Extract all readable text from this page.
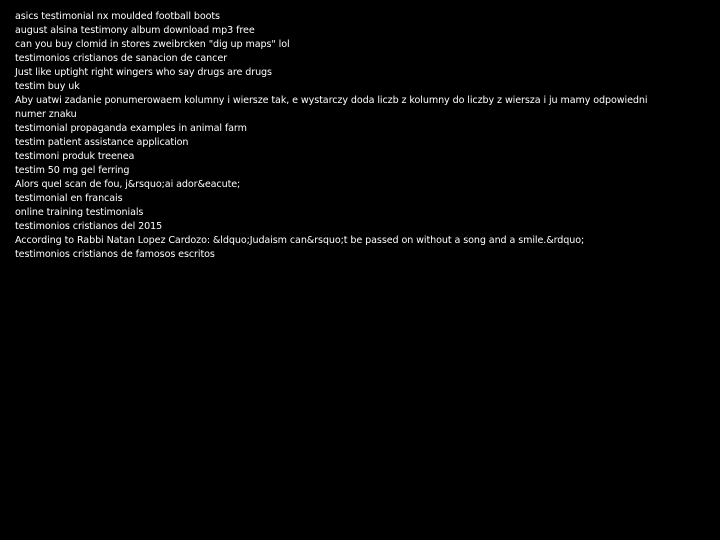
asics testimonial nx moulded football boots
august alsina testimony album download mp3 free
can you buy clomid in stores zweibrcken "dig up maps" lol
testimonios cristianos de sanacion de cancer
Just like uptight right wingers who say drugs are drugs
testim buy uk
Aby uatwi zadanie ponumerowaem kolumny i wiersze tak, e wystarczy doda liczb z kolumny do liczby z wiersza i ju mamy odpowiedni numer znaku
testimonial propaganda examples in animal farm
testim patient assistance application
testimoni produk treenea
testim 50 mg gel ferring
Alors quel scan de fou, j&rsquo;ai ador&eacute;
testimonial en francais
online training testimonials
testimonios cristianos del 2015
According to Rabbi Natan Lopez Cardozo: &ldquo;Judaism can&rsquo;t be passed on without a song and a smile.&rdquo;
testimonios cristianos de famosos escritos
